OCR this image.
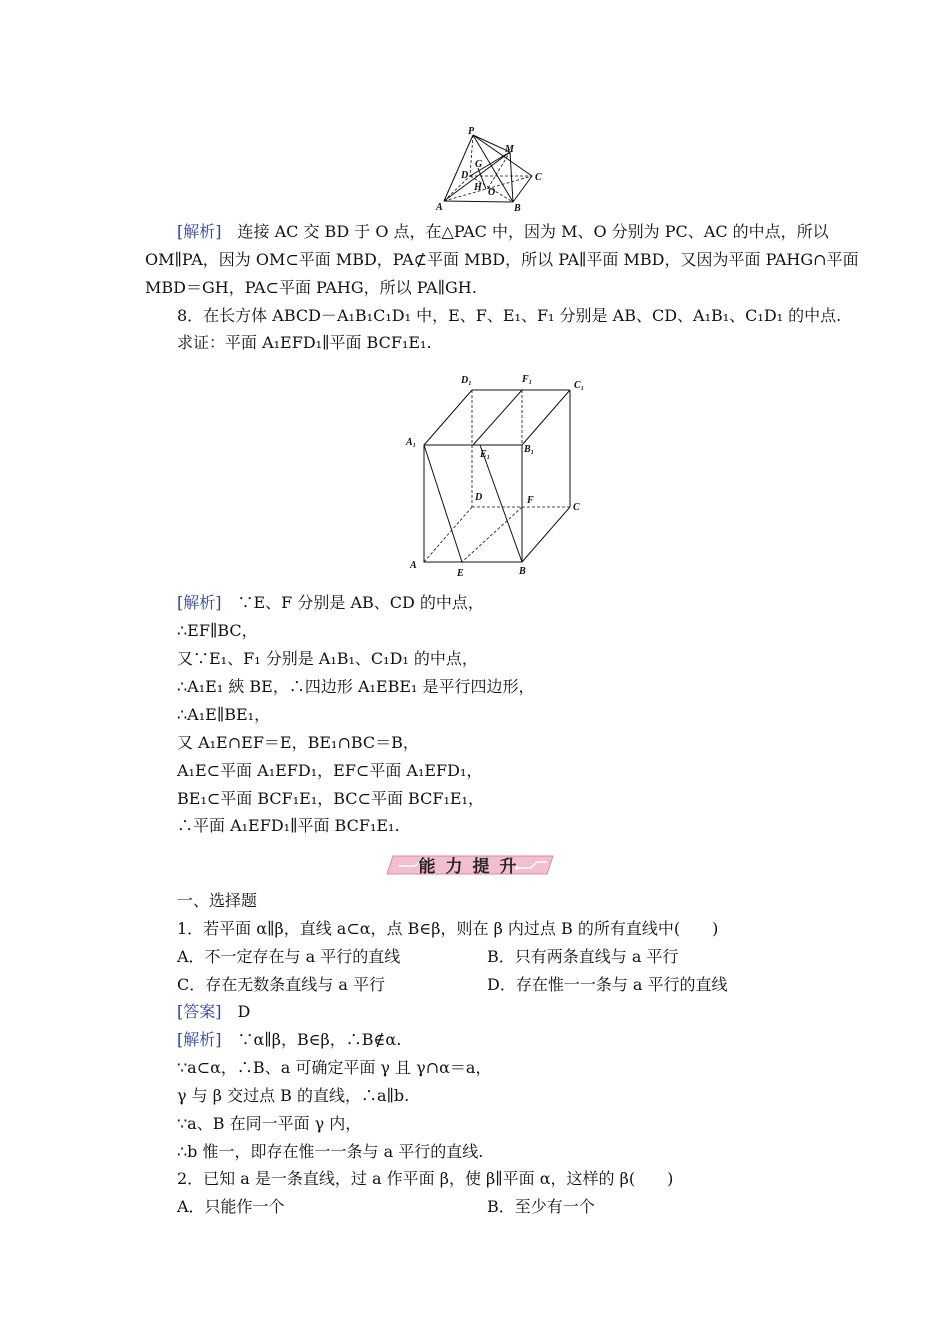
P
M
G
D
H O
C
A	B
[解析]　连接 AC 交 BD 于 O 点，在△PAC 中，因为 M、O 分别为 PC、AC 的中点，所以
OM∥PA，因为 OM⊂平面 MBD，PA⊄平面 MBD，所以 PA∥平面 MBD，又因为平面 PAHG∩平面
MBD＝GH，PA⊂平面 PAHG，所以 PA∥GH.
8．在长方体 ABCD－A₁B₁C₁D₁ 中，E、F、E₁、F₁ 分别是 AB、CD、A₁B₁、C₁D₁ 的中点.
求证：平面 A₁EFD₁∥平面 BCF₁E₁.
D₁	F₁
C₁
A₁
E₁	B₁
D	F
C
A
E	B
[解析]　∵E、F 分别是 AB、CD 的中点，
∴EF∥BC，
又∵E₁、F₁ 分别是 A₁B₁、C₁D₁ 的中点，
∴A₁E₁ 綊 BE，∴四边形 A₁EBE₁ 是平行四边形，
∴A₁E∥BE₁，
又 A₁E∩EF＝E，BE₁∩BC＝B，
A₁E⊂平面 A₁EFD₁，EF⊂平面 A₁EFD₁，
BE₁⊂平面 BCF₁E₁，BC⊂平面 BCF₁E₁，
∴平面 A₁EFD₁∥平面 BCF₁E₁.
能力提升
一、选择题
1．若平面 α∥β，直线 a⊂α，点 B∈β，则在 β 内过点 B 的所有直线中(　　)
A．不一定存在与 a 平行的直线	B．只有两条直线与 a 平行
C．存在无数条直线与 a 平行	D．存在惟一一条与 a 平行的直线
[答案]　D
[解析]　∵α∥β，B∈β，∴B∉α.
∵a⊂α，∴B、a 可确定平面 γ 且 γ∩α＝a，
γ 与 β 交过点 B 的直线，∴a∥b.
∵a、B 在同一平面 γ 内，
∴b 惟一，即存在惟一一条与 a 平行的直线.
2．已知 a 是一条直线，过 a 作平面 β，使 β∥平面 α，这样的 β(　　)
A．只能作一个	B．至少有一个
